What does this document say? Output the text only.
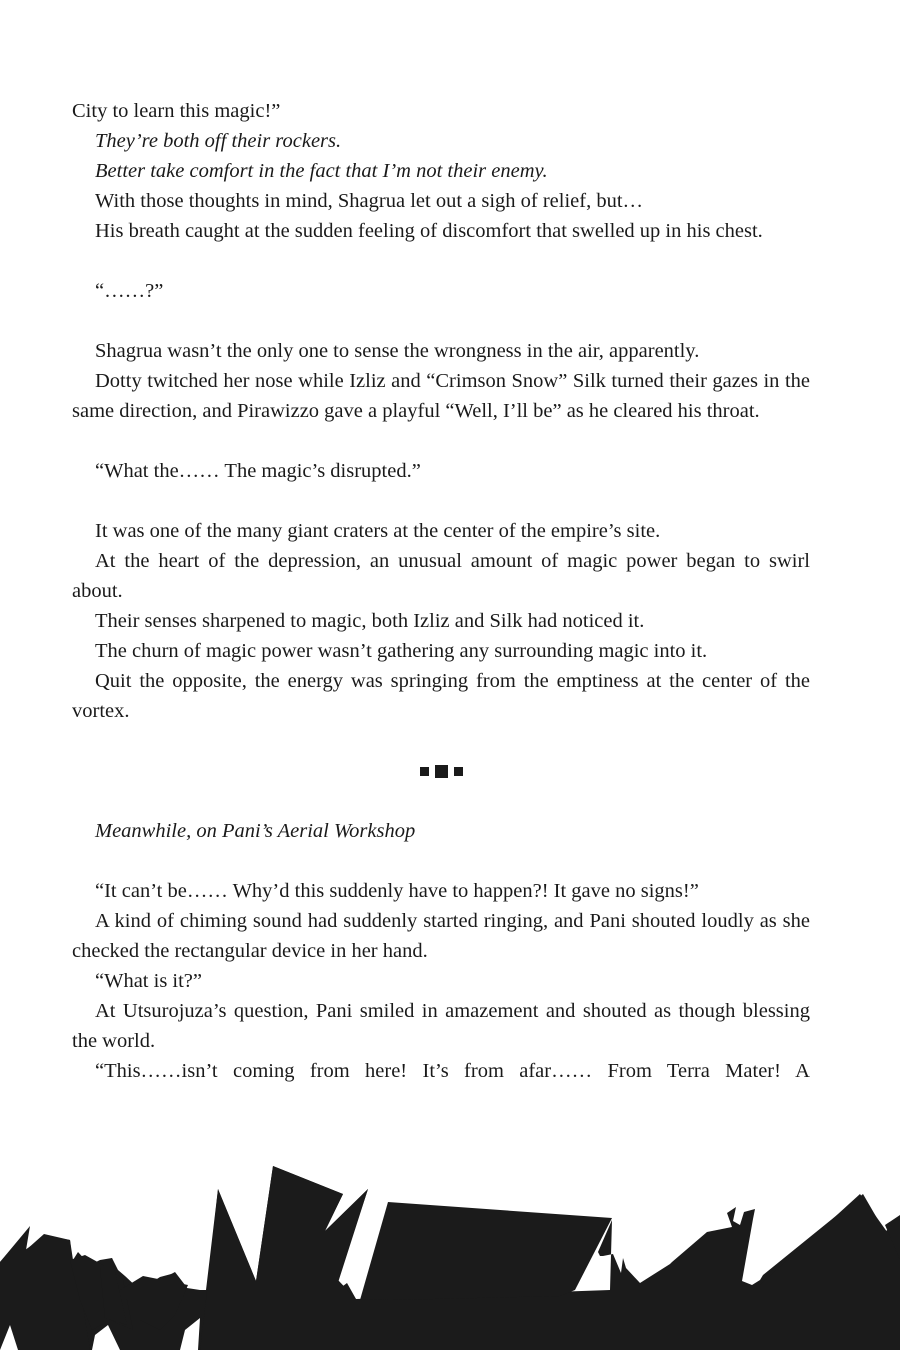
City to learn this magic!”

They’re both off their rockers.

Better take comfort in the fact that I’m not their enemy.

With those thoughts in mind, Shagrua let out a sigh of relief, but…

His breath caught at the sudden feeling of discomfort that swelled up in his chest.

“……?”

Shagrua wasn’t the only one to sense the wrongness in the air, apparently.

Dotty twitched her nose while Izliz and “Crimson Snow” Silk turned their gazes in the same direction, and Pirawizzo gave a playful “Well, I’ll be” as he cleared his throat.

“What the…… The magic’s disrupted.”

It was one of the many giant craters at the center of the empire’s site.

At the heart of the depression, an unusual amount of magic power began to swirl about.

Their senses sharpened to magic, both Izliz and Silk had noticed it.

The churn of magic power wasn’t gathering any surrounding magic into it.

Quit the opposite, the energy was springing from the emptiness at the center of the vortex.

Meanwhile, on Pani’s Aerial Workshop

“It can’t be…… Why’d this suddenly have to happen?! It gave no signs!”

A kind of chiming sound had suddenly started ringing, and Pani shouted loudly as she checked the rectangular device in her hand.

“What is it?”

At Utsurojuza’s question, Pani smiled in amazement and shouted as though blessing the world.

“This……isn’t coming from here! It’s from afar…… From Terra Mater! A
